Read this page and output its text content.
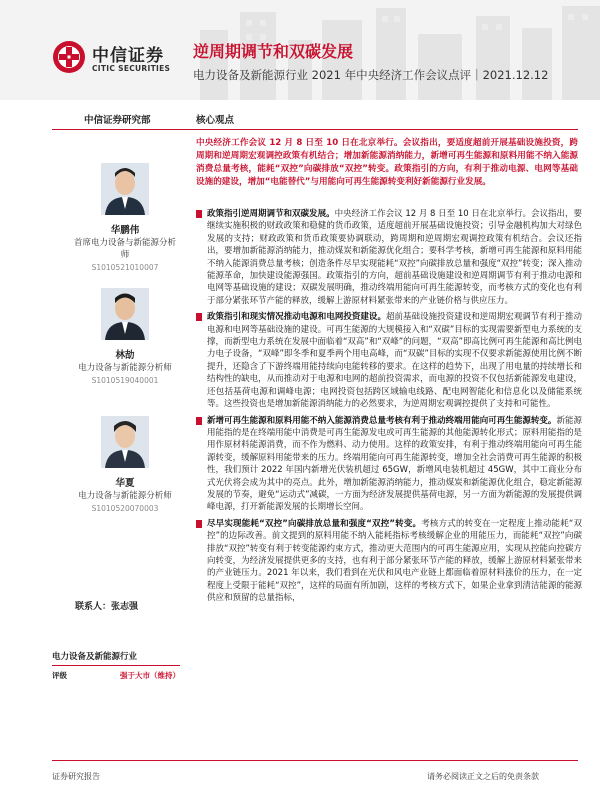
中信证券
CITIC SECURITIES
逆周期调节和双碳发展
电力设备及新能源行业 2021 年中央经济工作会议点评｜2021.12.12
中信证券研究部	核心观点
华鹏伟
首席电力设备与新能源分析师
S1010521010007
林劼
电力设备与新能源分析师
S1010519040001
华夏
电力设备与新能源分析师
S1010520070003
联系人：张志强
电力设备及新能源行业
评级	强于大市（维持）
中央经济工作会议 12 月 8 日至 10 日在北京举行。会议指出，要适度超前开展基础设施投资，跨周期和逆周期宏观调控政策有机结合；增加新能源消纳能力，新增可再生能源和原料用能不纳入能源消费总量考核，能耗“双控”向碳排放“双控”转变。政策指引的方向，有利于推动电源、电网等基础设施的建设，增加“电能替代”与用能向可再生能源转变利好新能源行业发展。
政策指引逆周期调节和双碳发展。中央经济工作会议 12 月 8 日至 10 日在北京举行。会议指出，要继续实施积极的财政政策和稳健的货币政策，适度超前开展基础设施投资；引导金融机构加大对绿色发展的支持；财政政策和货币政策要协调联动，跨周期和逆周期宏观调控政策有机结合。会议还指出，要增加新能源消纳能力，推动煤炭和新能源优化组合；要科学考核，新增可再生能源和原料用能不纳入能源消费总量考核；创造条件尽早实现能耗“双控”向碳排放总量和强度“双控”转变；深入推动能源革命，加快建设能源强国。政策指引的方向，超前基础设施建设和逆周期调节有利于推动电源和电网等基础设施的建设；双碳发展明确，推动终端用能向可再生能源转变，而考核方式的变化也有利于部分紧张环节产能的释放，缓解上游原材料紧张带来的产业链价格与供应压力。
政策指引和现实情况推动电源和电网投资建设。超前基础设施投资建设和逆周期宏观调节有利于推动电源和电网等基础设施的建设。可再生能源的大规模接入和“双碳”目标的实现需要新型电力系统的支撑，而新型电力系统在发展中面临着“双高”和“双峰”的问题，“双高”即高比例可再生能源和高比例电力电子设备，“双峰”即冬季和夏季两个用电高峰，而“双碳”目标的实现不仅要求新能源使用比例不断提升，还隐含了下游终端用能持续向电能转移的要求。在这样的趋势下，出现了用电量的持续增长和结构性的缺电，从而推动对于电源和电网的超前投资需求，而电源的投资不仅包括新能源发电建设，还包括基荷电源和调峰电源；电网投资包括跨区域输电线路、配电网智能化和信息化以及储能系统等。这些投资也是增加新能源消纳能力的必然要求，为逆周期宏观调控提供了支持和可能性。
新增可再生能源和原料用能不纳入能源消费总量考核有利于推动终端用能向可再生能源转变。新能源用能指的是在终端用能中消费是可再生能源发电或可再生能源的其他能源转化形式；原料用能指的是用作原材料能源消费，而不作为燃料、动力使用。这样的政策安排，有利于推动终端用能向可再生能源转变，缓解原料用能带来的压力。终端用能向可再生能源转变，增加全社会消费可再生能源的积极性，我们预计 2022 年国内新增光伏装机超过 65GW，新增风电装机超过 45GW，其中工商业分布式光伏将会成为其中的亮点。此外，增加新能源消纳能力，推动煤炭和新能源优化组合，稳定新能源发展的节奏，避免“运动式”减碳，一方面为经济发展提供基荷电源，另一方面为新能源的发展提供调峰电源，打开新能源发展的长期增长空间。
尽早实现能耗“双控”向碳排放总量和强度“双控”转变。考核方式的转变在一定程度上推动能耗“双控”的边际改善。前文提到的原料用能不纳入能耗指标考核缓解企业的用能压力，而能耗“双控”向碳排放“双控”转变有利于转变能源约束方式，推动更大范围内的可再生能源应用，实现从控能向控碳方向转变，为经济发展提供更多的支持，也有利于部分紧张环节产能的释放，缓解上游原材料紧张带来的产业链压力。2021 年以来，我们看到在光伏和风电产业链上都面临着原材料涨价的压力，在一定程度上受限于能耗“双控”，这样的局面有所加剧，这样的考核方式下，如果企业拿到清洁能源的能源供应和预留的总量指标，
证券研究报告	请务必阅读正文之后的免责条款
